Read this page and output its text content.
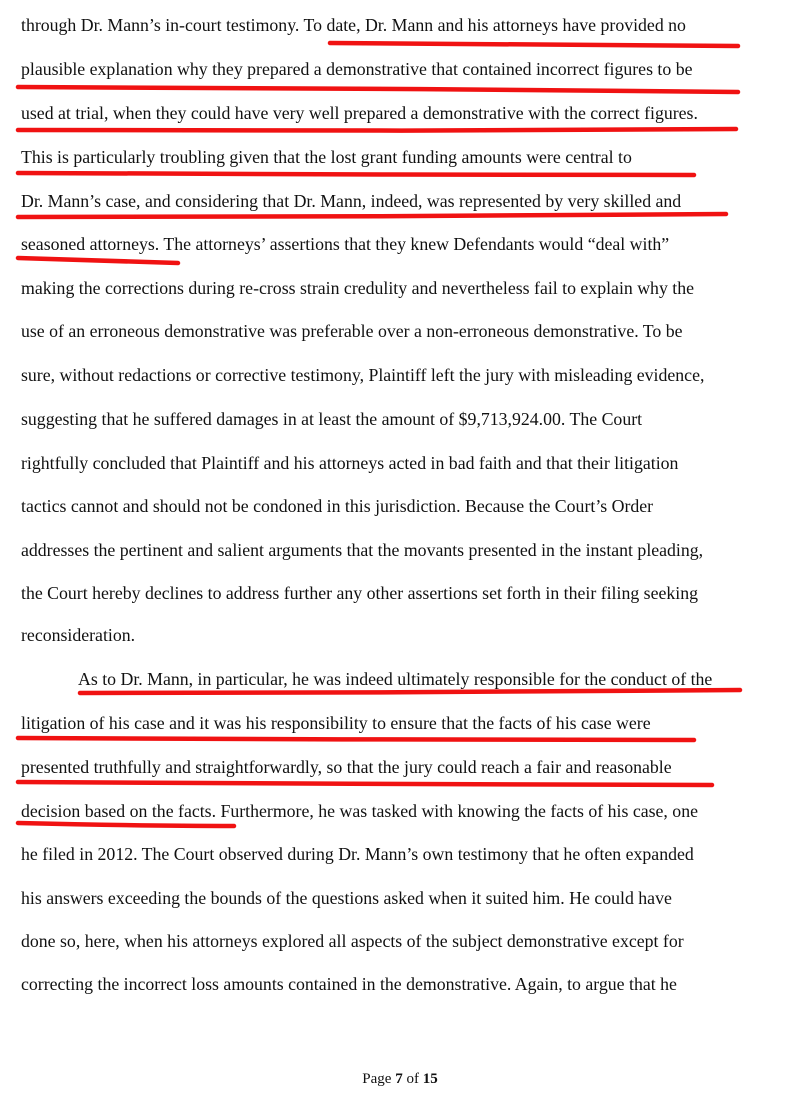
through Dr. Mann’s in-court testimony. To date, Dr. Mann and his attorneys have provided no

plausible explanation why they prepared a demonstrative that contained incorrect figures to be

used at trial, when they could have very well prepared a demonstrative with the correct figures.

This is particularly troubling given that the lost grant funding amounts were central to

Dr. Mann’s case, and considering that Dr. Mann, indeed, was represented by very skilled and

seasoned attorneys. The attorneys’ assertions that they knew Defendants would “deal with”

making the corrections during re-cross strain credulity and nevertheless fail to explain why the

use of an erroneous demonstrative was preferable over a non-erroneous demonstrative. To be

sure, without redactions or corrective testimony, Plaintiff left the jury with misleading evidence,

suggesting that he suffered damages in at least the amount of $9,713,924.00. The Court

rightfully concluded that Plaintiff and his attorneys acted in bad faith and that their litigation

tactics cannot and should not be condoned in this jurisdiction. Because the Court’s Order

addresses the pertinent and salient arguments that the movants presented in the instant pleading,

the Court hereby declines to address further any other assertions set forth in their filing seeking

reconsideration.

As to Dr. Mann, in particular, he was indeed ultimately responsible for the conduct of the

litigation of his case and it was his responsibility to ensure that the facts of his case were

presented truthfully and straightforwardly, so that the jury could reach a fair and reasonable

decision based on the facts. Furthermore, he was tasked with knowing the facts of his case, one

he filed in 2012. The Court observed during Dr. Mann’s own testimony that he often expanded

his answers exceeding the bounds of the questions asked when it suited him. He could have

done so, here, when his attorneys explored all aspects of the subject demonstrative except for

correcting the incorrect loss amounts contained in the demonstrative. Again, to argue that he

Page 7 of 15
